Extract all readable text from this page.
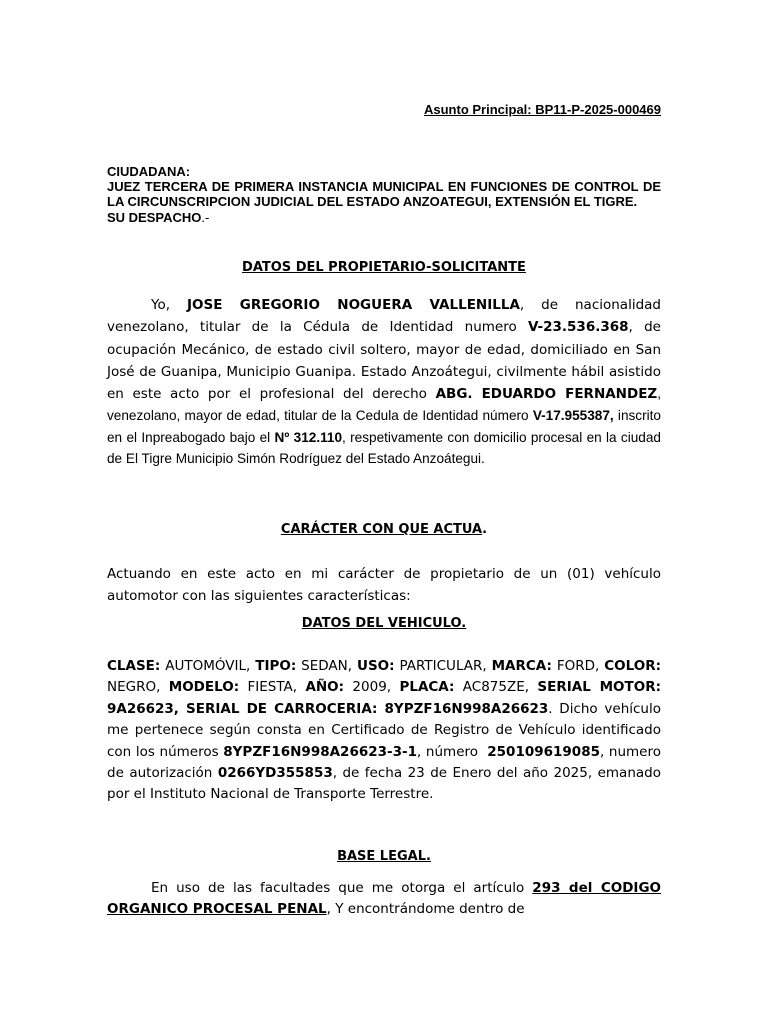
Asunto Principal: BP11-P-2025-000469
CIUDADANA:
JUEZ TERCERA DE PRIMERA INSTANCIA MUNICIPAL EN FUNCIONES DE CONTROL DE LA CIRCUNSCRIPCION JUDICIAL DEL ESTADO ANZOATEGUI, EXTENSIÓN EL TIGRE.
SU DESPACHO.-
DATOS DEL PROPIETARIO-SOLICITANTE
Yo, JOSE GREGORIO NOGUERA VALLENILLA, de nacionalidad venezolano, titular de la Cédula de Identidad numero V-23.536.368, de ocupación Mecánico, de estado civil soltero, mayor de edad, domiciliado en San José de Guanipa, Municipio Guanipa. Estado Anzoátegui, civilmente hábil asistido en este acto por el profesional del derecho ABG. EDUARDO FERNANDEZ, venezolano, mayor de edad, titular de la Cedula de Identidad número V-17.955387, inscrito en el Inpreabogado bajo el Nº 312.110, respetivamente con domicilio procesal en la ciudad de El Tigre Municipio Simón Rodríguez del Estado Anzoátegui.
CARÁCTER CON QUE ACTUA.
Actuando en este acto en mi carácter de propietario de un (01) vehículo automotor con las siguientes características:
DATOS DEL VEHICULO.
CLASE: AUTOMÓVIL, TIPO: SEDAN, USO: PARTICULAR, MARCA: FORD, COLOR: NEGRO, MODELO: FIESTA, AÑO: 2009, PLACA: AC875ZE, SERIAL MOTOR: 9A26623, SERIAL DE CARROCERIA: 8YPZF16N998A26623. Dicho vehículo me pertenece según consta en Certificado de Registro de Vehículo identificado con los números 8YPZF16N998A26623-3-1, número  250109619085, numero de autorización 0266YD355853, de fecha 23 de Enero del año 2025, emanado por el Instituto Nacional de Transporte Terrestre.
BASE LEGAL.
En uso de las facultades que me otorga el artículo 293 del CODIGO ORGANICO PROCESAL PENAL, Y encontrándome dentro de
